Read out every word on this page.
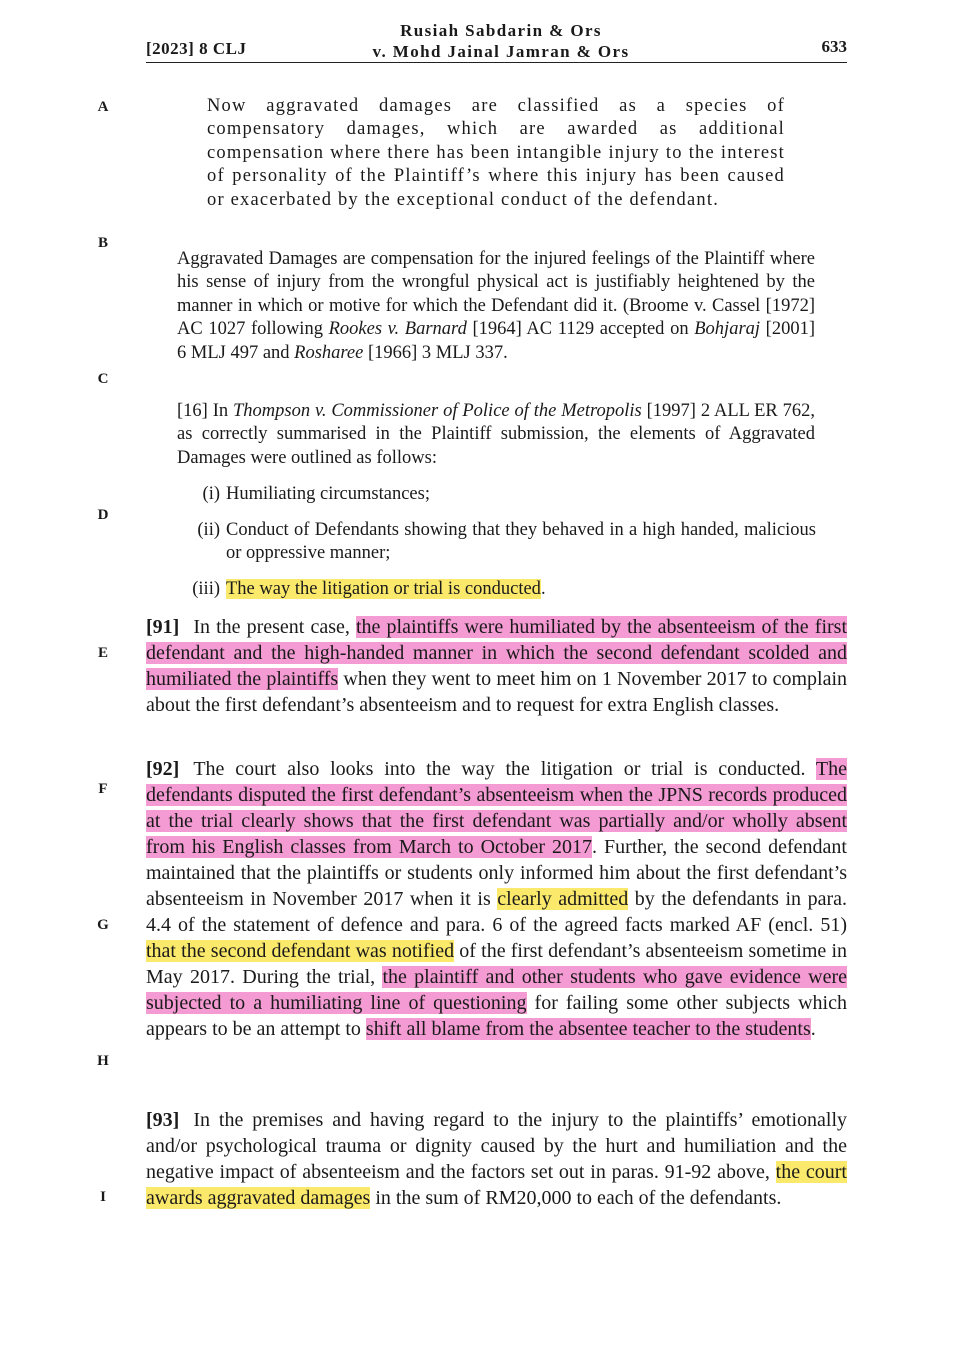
[2023] 8 CLJ
Rusiah Sabdarin & Ors
v. Mohd Jainal Jamran & Ors	633
A
B
C
D
E
F
G
H
I

Now aggravated damages are classified as a species of compensatory damages, which are awarded as additional compensation where there has been intangible injury to the interest of personality of the Plaintiff’s where this injury has been caused or exacerbated by the exceptional conduct of the defendant.

Aggravated Damages are compensation for the injured feelings of the Plaintiff where his sense of injury from the wrongful physical act is justifiably heightened by the manner in which or motive for which the Defendant did it. (Broome v. Cassel [1972] AC 1027 following Rookes v. Barnard [1964] AC 1129 accepted on Bohjaraj [2001] 6 MLJ 497 and Rosharee [1966] 3 MLJ 337.

[16] In Thompson v. Commissioner of Police of the Metropolis [1997] 2 ALL ER 762, as correctly summarised in the Plaintiff submission, the elements of Aggravated Damages were outlined as follows:

(i) Humiliating circumstances;
(ii) Conduct of Defendants showing that they behaved in a high handed, malicious or oppressive manner;
(iii) The way the litigation or trial is conducted.

[91] In the present case, the plaintiffs were humiliated by the absenteeism of the first defendant and the high-handed manner in which the second defendant scolded and humiliated the plaintiffs when they went to meet him on 1 November 2017 to complain about the first defendant’s absenteeism and to request for extra English classes.

[92] The court also looks into the way the litigation or trial is conducted. The defendants disputed the first defendant’s absenteeism when the JPNS records produced at the trial clearly shows that the first defendant was partially and/or wholly absent from his English classes from March to October 2017. Further, the second defendant maintained that the plaintiffs or students only informed him about the first defendant’s absenteeism in November 2017 when it is clearly admitted by the defendants in para. 4.4 of the statement of defence and para. 6 of the agreed facts marked AF (encl. 51) that the second defendant was notified of the first defendant’s absenteeism sometime in May 2017. During the trial, the plaintiff and other students who gave evidence were subjected to a humiliating line of questioning for failing some other subjects which appears to be an attempt to shift all blame from the absentee teacher to the students.

[93] In the premises and having regard to the injury to the plaintiffs’ emotionally and/or psychological trauma or dignity caused by the hurt and humiliation and the negative impact of absenteeism and the factors set out in paras. 91-92 above, the court awards aggravated damages in the sum of RM20,000 to each of the defendants.
